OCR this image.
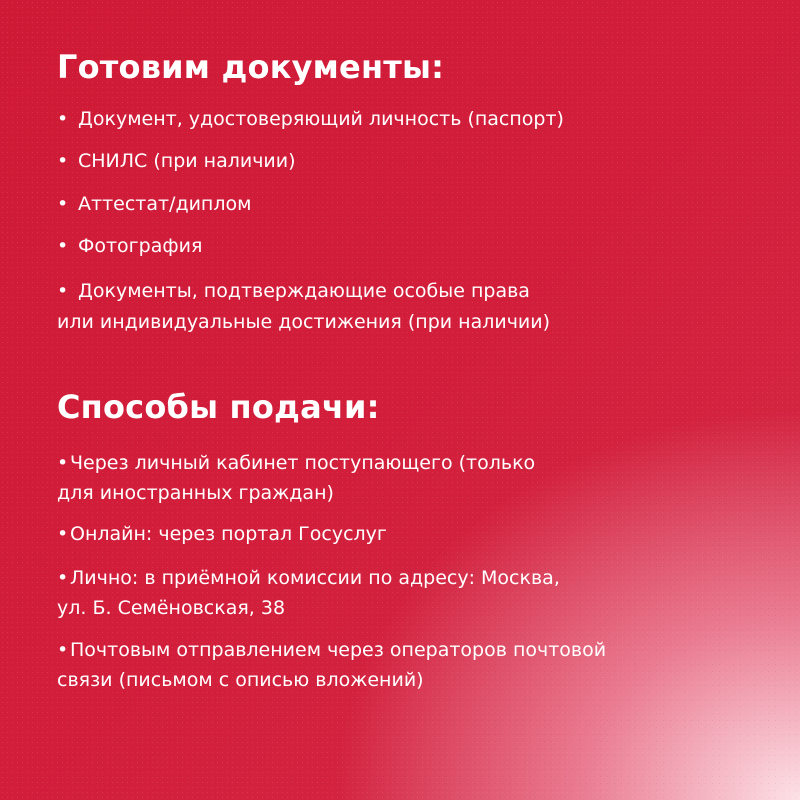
Готовим документы:

• Документ, удостоверяющий личность (паспорт)

• СНИЛС (при наличии)

• Аттестат/диплом

• Фотография

• Документы, подтверждающие особые права

или индивидуальные достижения (при наличии)

Способы подачи:

•Через личный кабинет поступающего (только

для иностранных граждан)

•Онлайн: через портал Госуслуг

•Лично: в приёмной комиссии по адресу: Москва,

ул. Б. Семёновская, 38

•Почтовым отправлением через операторов почтовой

связи (письмом с описью вложений)
